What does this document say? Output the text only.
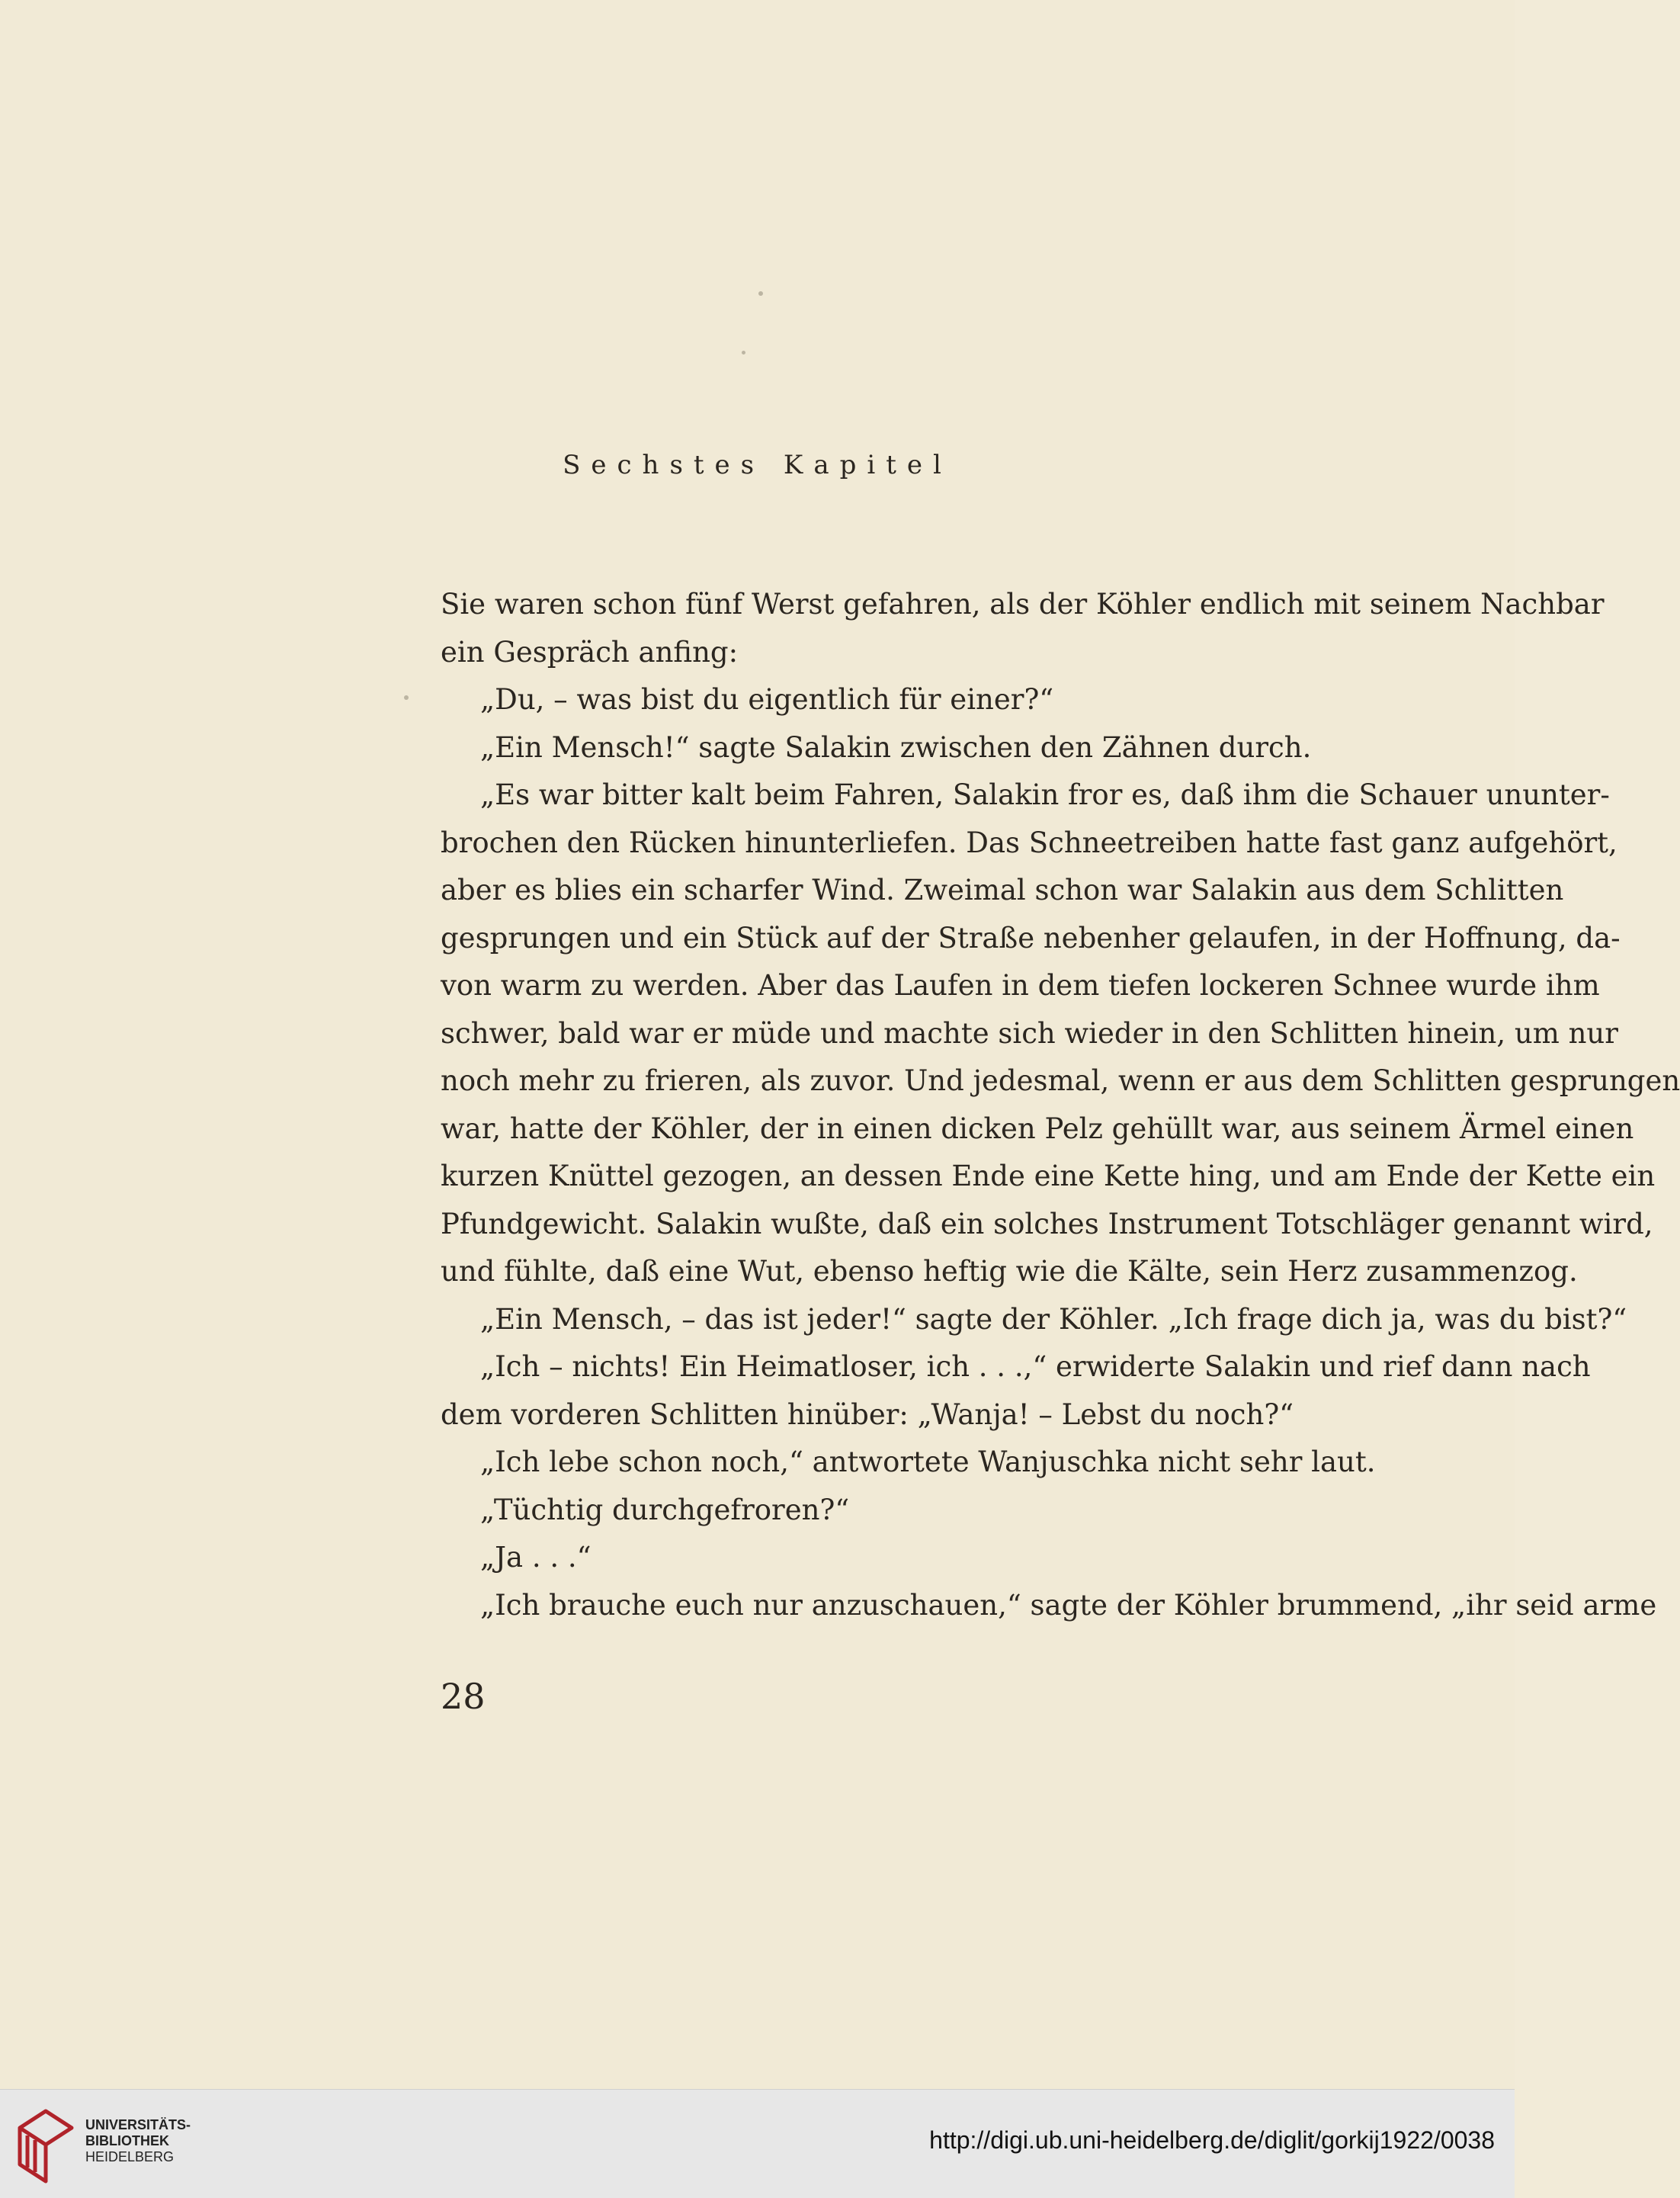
Sechstes Kapitel

Sie waren schon fünf Werst gefahren, als der Köhler endlich mit seinem Nachbar

ein Gespräch anfing:

„Du, – was bist du eigentlich für einer?“

„Ein Mensch!“ sagte Salakin zwischen den Zähnen durch.

„Es war bitter kalt beim Fahren, Salakin fror es, daß ihm die Schauer ununter-

brochen den Rücken hinunterliefen. Das Schneetreiben hatte fast ganz aufgehört,

aber es blies ein scharfer Wind. Zweimal schon war Salakin aus dem Schlitten

gesprungen und ein Stück auf der Straße nebenher gelaufen, in der Hoffnung, da-

von warm zu werden. Aber das Laufen in dem tiefen lockeren Schnee wurde ihm

schwer, bald war er müde und machte sich wieder in den Schlitten hinein, um nur

noch mehr zu frieren, als zuvor. Und jedesmal, wenn er aus dem Schlitten gesprungen

war, hatte der Köhler, der in einen dicken Pelz gehüllt war, aus seinem Ärmel einen

kurzen Knüttel gezogen, an dessen Ende eine Kette hing, und am Ende der Kette ein

Pfundgewicht. Salakin wußte, daß ein solches Instrument Totschläger genannt wird,

und fühlte, daß eine Wut, ebenso heftig wie die Kälte, sein Herz zusammenzog.

„Ein Mensch, – das ist jeder!“ sagte der Köhler. „Ich frage dich ja, was du bist?“

„Ich – nichts! Ein Heimatloser, ich . . .,“ erwiderte Salakin und rief dann nach

dem vorderen Schlitten hinüber: „Wanja! – Lebst du noch?“

„Ich lebe schon noch,“ antwortete Wanjuschka nicht sehr laut.

„Tüchtig durchgefroren?“

„Ja . . .“

„Ich brauche euch nur anzuschauen,“ sagte der Köhler brummend, „ihr seid arme

28
UNIVERSITÄTS-
BIBLIOTHEK
HEIDELBERG
http://digi.ub.uni-heidelberg.de/diglit/gorkij1922/0038
